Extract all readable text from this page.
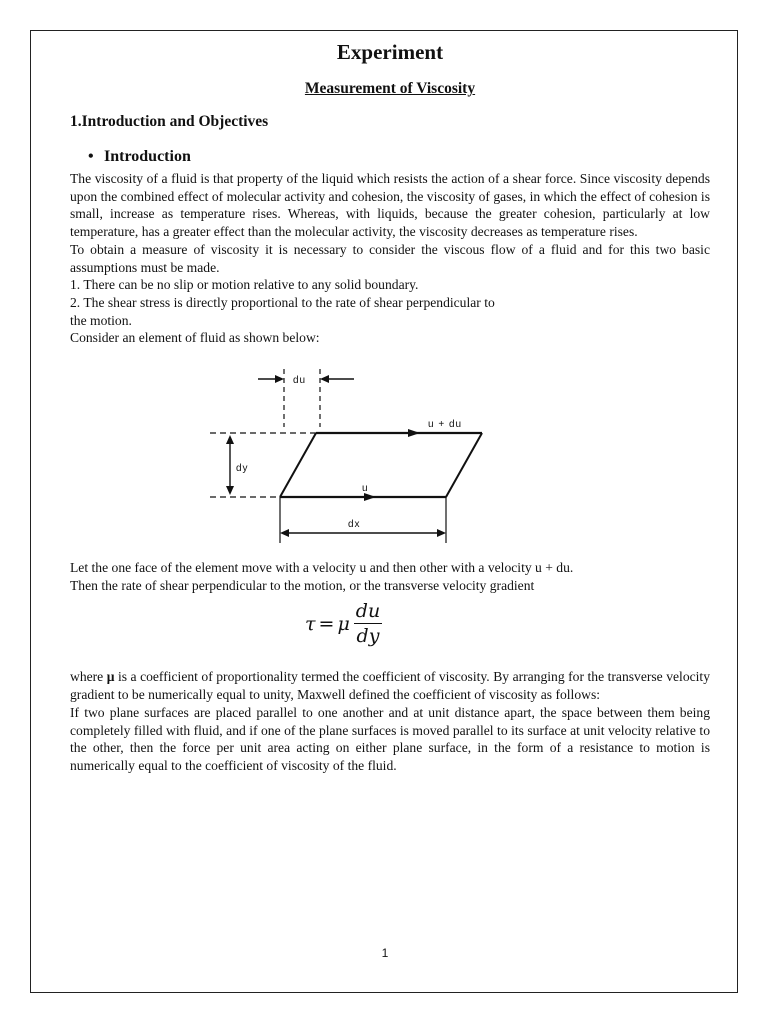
Experiment
Measurement of Viscosity
1.Introduction and Objectives
• Introduction

The viscosity of a fluid is that property of the liquid which resists the action of a shear force. Since viscosity depends upon the combined effect of molecular activity and cohesion, the viscosity of gases, in which the effect of cohesion is small, increase as temperature rises. Whereas, with liquids, because the greater cohesion, particularly at low temperature, has a greater effect than the molecular activity, the viscosity decreases as temperature rises.

To obtain a measure of viscosity it is necessary to consider the viscous flow of a fluid and for this two basic assumptions must be made.

1. There can be no slip or motion relative to any solid boundary.

2. The shear stress is directly proportional to the rate of shear perpendicular to

the motion.

Consider an element of fluid as shown below:

du
u + du
u
dy
dx

Let the one face of the element move with a velocity u and then other with a velocity u + du.

Then the rate of shear perpendicular to the motion, or the transverse velocity gradient

τ = μ $\frac{du}{dy}$

where μ is a coefficient of proportionality termed the coefficient of viscosity. By arranging for the transverse velocity gradient to be numerically equal to unity, Maxwell defined the coefficient of viscosity as follows:

If two plane surfaces are placed parallel to one another and at unit distance apart, the space between them being completely filled with fluid, and if one of the plane surfaces is moved parallel to its surface at unit velocity relative to the other, then the force per unit area acting on either plane surface, in the form of a resistance to motion is numerically equal to the coefficient of viscosity of the fluid.

1
